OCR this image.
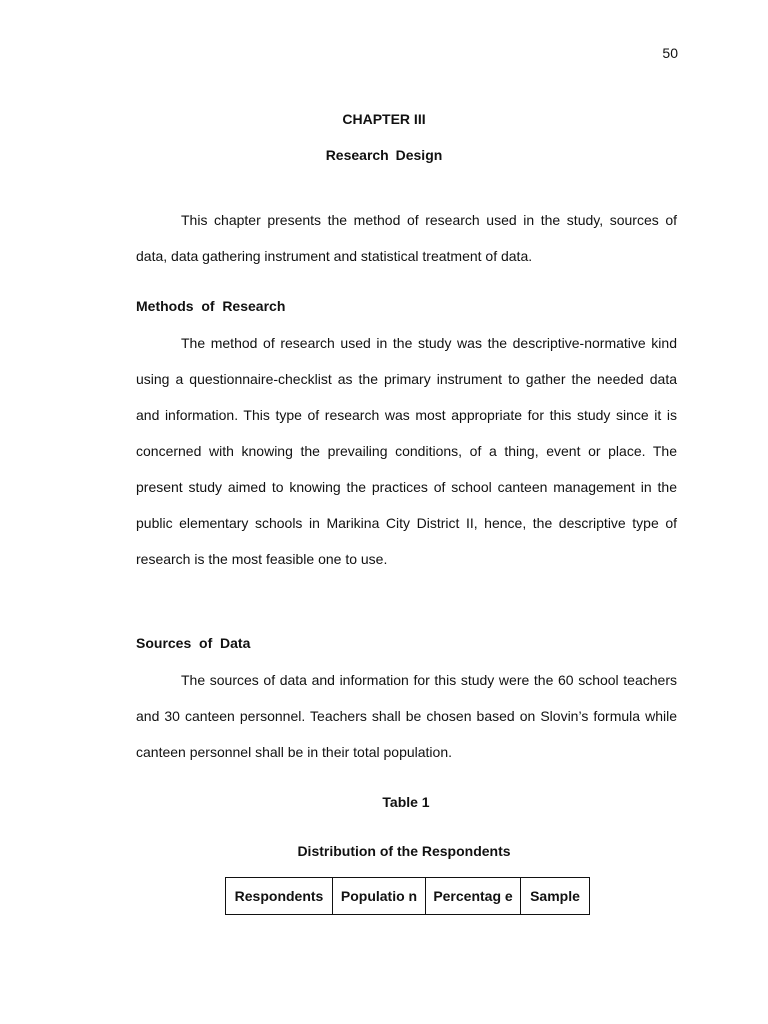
50
CHAPTER III
Research Design

This chapter presents the method of research used in the study, sources of data, data gathering instrument and statistical treatment of data.

Methods  of  Research

The method of research used in the study was the descriptive-normative kind using a questionnaire-checklist as the primary instrument to gather the needed data and information. This type of research was most appropriate for this study since it is concerned with knowing the prevailing conditions, of a thing, event or place. The present study aimed to knowing the practices of school canteen management in the public elementary schools in Marikina City District II, hence, the descriptive type of research is the most feasible one to use.

Sources  of  Data

The sources of data and information for this study were the 60 school teachers and 30 canteen personnel. Teachers shall be chosen based on Slovin’s formula while canteen personnel shall be in their total population.

Table 1
Distribution of the Respondents
Respondents	Populatio n	Percentag e	Sample
